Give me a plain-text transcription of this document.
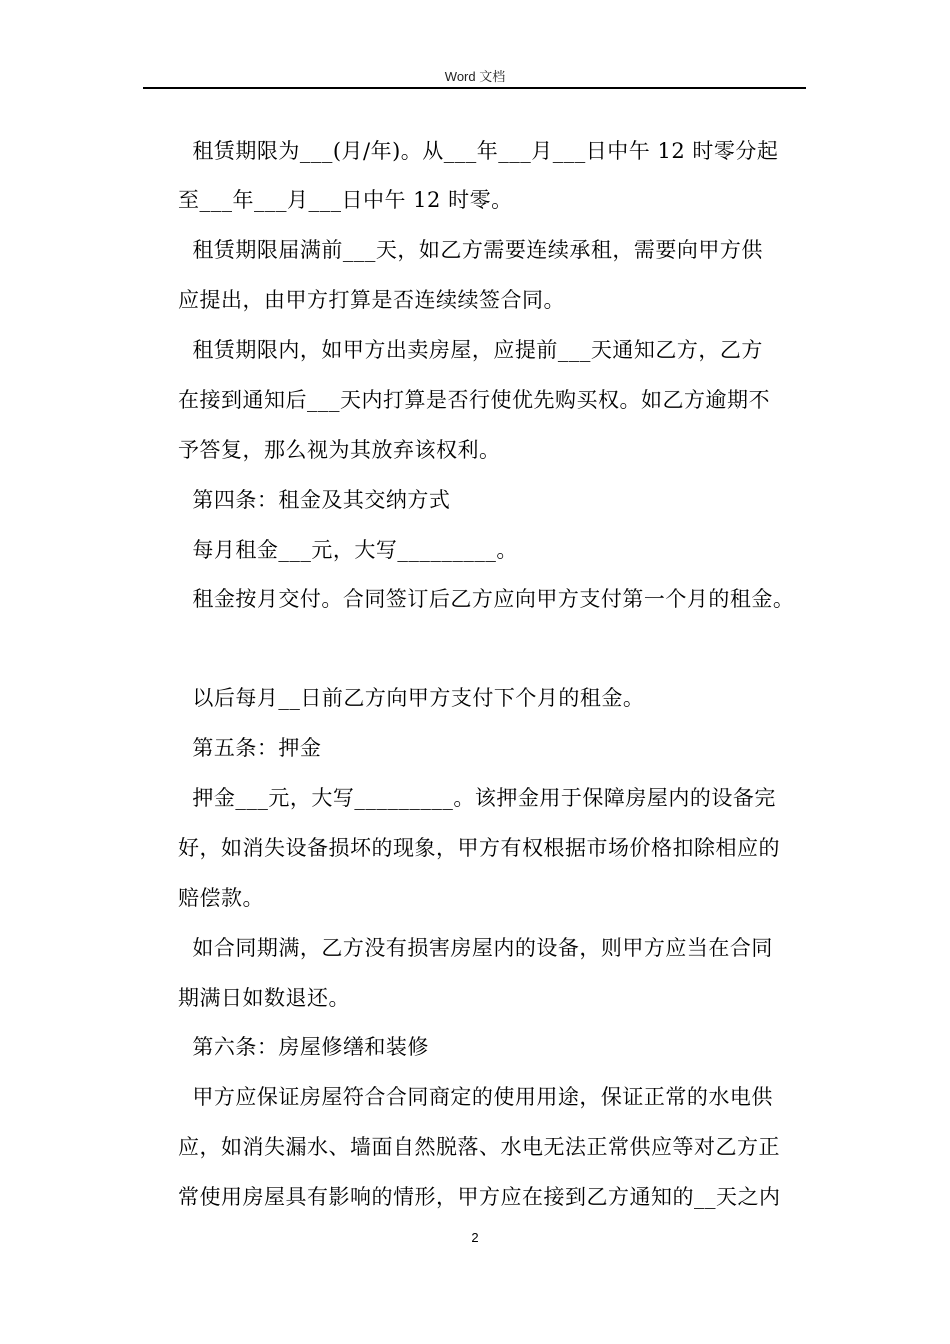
Word 文档
租赁期限为___(月/年)。从___年___月___日中午 12 时零分起
至___年___月___日中午 12 时零。
租赁期限届满前___天，如乙方需要连续承租，需要向甲方供
应提出，由甲方打算是否连续续签合同。
租赁期限内，如甲方出卖房屋，应提前___天通知乙方，乙方
在接到通知后___天内打算是否行使优先购买权。如乙方逾期不
予答复，那么视为其放弃该权利。
第四条：租金及其交纳方式
每月租金___元，大写_________。
租金按月交付。合同签订后乙方应向甲方支付第一个月的租金。
以后每月__日前乙方向甲方支付下个月的租金。
第五条：押金
押金___元，大写_________。该押金用于保障房屋内的设备完
好，如消失设备损坏的现象，甲方有权根据市场价格扣除相应的
赔偿款。
如合同期满，乙方没有损害房屋内的设备，则甲方应当在合同
期满日如数退还。
第六条：房屋修缮和装修
甲方应保证房屋符合合同商定的使用用途，保证正常的水电供
应，如消失漏水、墙面自然脱落、水电无法正常供应等对乙方正
常使用房屋具有影响的情形，甲方应在接到乙方通知的__天之内
2
